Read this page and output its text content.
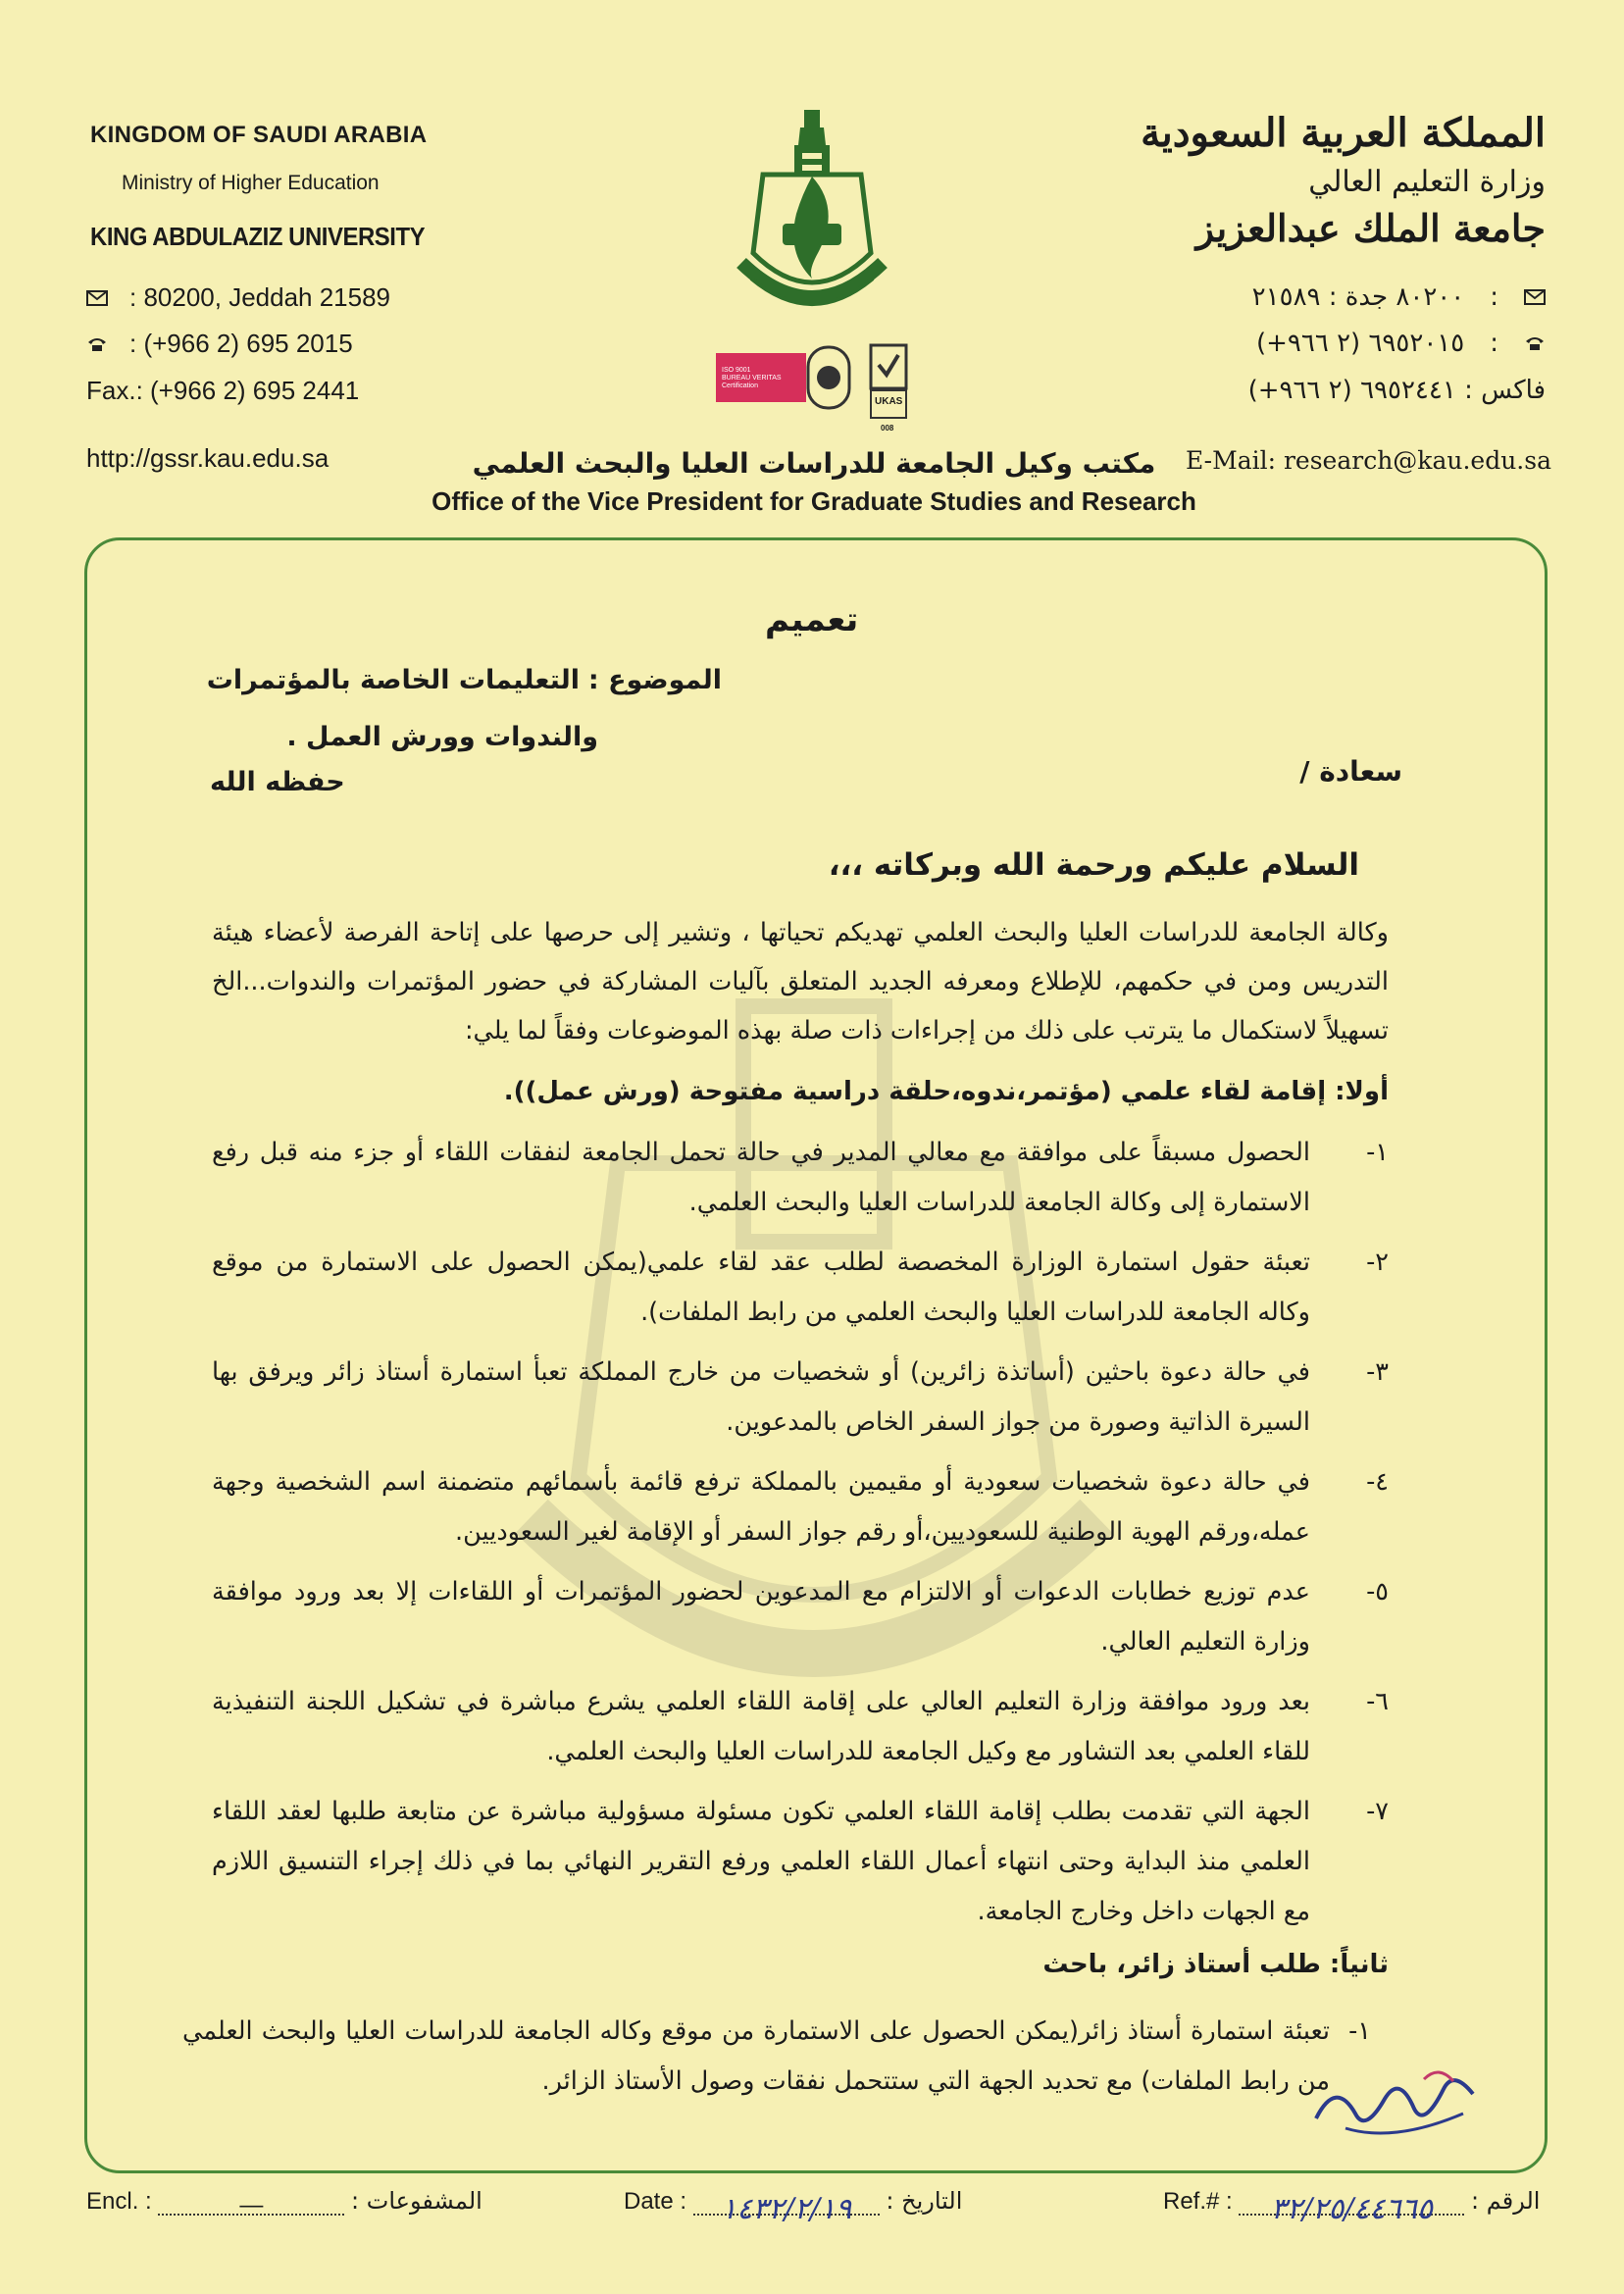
KINGDOM OF SAUDI ARABIA
Ministry of Higher Education
KING ABDULAZIZ UNIVERSITY
: 80200, Jeddah 21589
: (+966 2) 695 2015
Fax.: (+966 2) 695 2441
http://gssr.kau.edu.sa
المملكة العربية السعودية
وزارة التعليم العالي
جامعة الملك عبدالعزيز
:
٨٠٢٠٠ جدة : ٢١٥٨٩
:
٦٩٥٢٠١٥ (٢ ٩٦٦+)
فاكس : ٦٩٥٢٤٤١ (٢ ٩٦٦+)
E-Mail: research@kau.edu.sa
ISO 9001
BUREAU VERITAS
Certification
UKAS
008
مكتب وكيل الجامعة للدراسات العليا والبحث العلمي
Office of the Vice President for Graduate Studies and Research
تعميم
الموضوع :
التعليمات الخاصة بالمؤتمرات
والندوات وورش العمل .
سعادة /
حفظه الله
السلام عليكم ورحمة الله وبركاته ،،،
وكالة الجامعة للدراسات العليا والبحث العلمي تهديكم تحياتها ، وتشير إلى حرصها على إتاحة الفرصة لأعضاء هيئة التدريس ومن في حكمهم، للإطلاع ومعرفه الجديد المتعلق بآليات المشاركة في حضور المؤتمرات والندوات...الخ تسهيلاً لاستكمال ما يترتب على ذلك من إجراءات ذات صلة بهذه الموضوعات وفقاً لما يلي:
أولا: إقامة لقاء علمي (مؤتمر،ندوه،حلقة دراسية مفتوحة (ورش عمل)).
١-
الحصول مسبقاً على موافقة مع معالي المدير في حالة تحمل الجامعة لنفقات اللقاء أو جزء منه قبل رفع الاستمارة إلى وكالة الجامعة للدراسات العليا والبحث العلمي.
٢-
تعبئة حقول استمارة الوزارة المخصصة لطلب عقد لقاء علمي(يمكن الحصول على الاستمارة من موقع وكاله الجامعة للدراسات العليا والبحث العلمي من رابط الملفات).
٣-
في حالة دعوة باحثين (أساتذة زائرين) أو شخصيات من خارج المملكة تعبأ استمارة أستاذ زائر ويرفق بها السيرة الذاتية وصورة من جواز السفر الخاص بالمدعوين.
٤-
في حالة دعوة شخصيات سعودية أو مقيمين بالمملكة ترفع قائمة بأسمائهم متضمنة اسم الشخصية وجهة عمله،ورقم الهوية الوطنية للسعوديين،أو رقم جواز السفر أو الإقامة لغير السعوديين.
٥-
عدم توزيع خطابات الدعوات أو الالتزام مع المدعوين لحضور المؤتمرات أو اللقاءات إلا بعد ورود موافقة وزارة التعليم العالي.
٦-
بعد ورود موافقة وزارة التعليم العالي على إقامة اللقاء العلمي يشرع مباشرة في تشكيل اللجنة التنفيذية للقاء العلمي بعد التشاور مع وكيل الجامعة للدراسات العليا والبحث العلمي.
٧-
الجهة التي تقدمت بطلب إقامة اللقاء العلمي تكون مسئولة مسؤولية مباشرة عن متابعة طلبها لعقد اللقاء العلمي منذ البداية وحتى انتهاء أعمال اللقاء العلمي ورفع التقرير النهائي بما في ذلك إجراء التنسيق اللازم مع الجهات داخل وخارج الجامعة.
ثانياً: طلب أستاذ زائر، باحث
١-
تعبئة استمارة أستاذ زائر(يمكن الحصول على الاستمارة من موقع وكاله الجامعة للدراسات العليا والبحث العلمي من رابط الملفات) مع تحديد الجهة التي ستتحمل نفقات وصول الأستاذ الزائر.
Encl. :	—	: المشفوعات	Date : ١٤٣٢/٢/١٩ : التاريخ	Ref.# : ٣٢/٢٥/٤٤٦٦٥ : الرقم
